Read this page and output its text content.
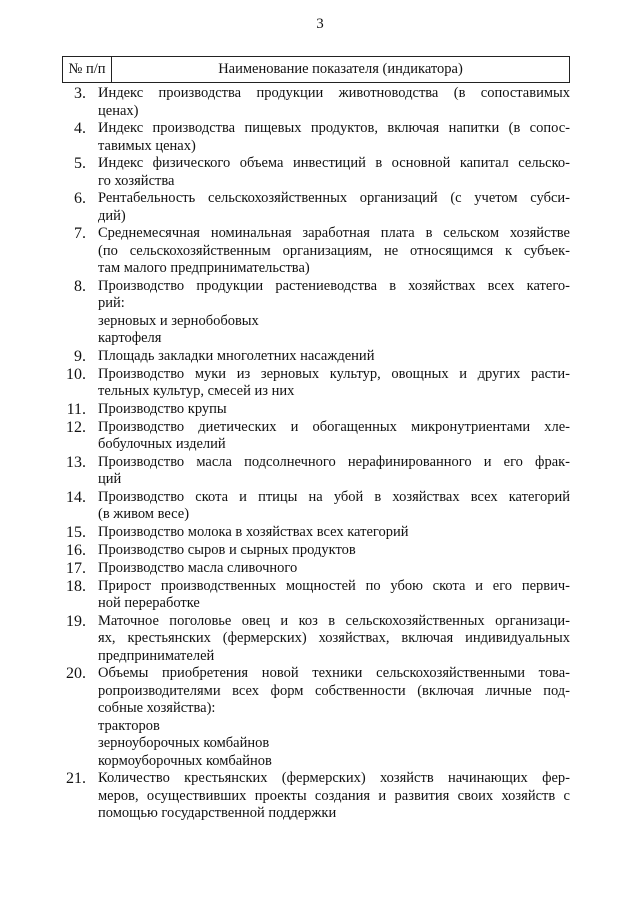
3
№ п/п	Наименование показателя (индикатора)
3. Индекс производства продукции животноводства (в сопоставимых
ценах)
4. Индекс производства пищевых продуктов, включая напитки (в сопос-
тавимых ценах)
5. Индекс физического объема инвестиций в основной капитал сельско-
го хозяйства
6. Рентабельность сельскохозяйственных организаций (с учетом субси-
дий)
7. Среднемесячная номинальная заработная плата в сельском хозяйстве
(по сельскохозяйственным организациям, не относящимся к субъек-
там малого предпринимательства)
8. Производство продукции растениеводства в хозяйствах всех катего-
рий:
зерновых и зернобобовых
картофеля
9. Площадь закладки многолетних насаждений
10. Производство муки из зерновых культур, овощных и других расти-
тельных культур, смесей из них
11. Производство крупы
12. Производство диетических и обогащенных микронутриентами хле-
бобулочных изделий
13. Производство масла подсолнечного нерафинированного и его фрак-
ций
14. Производство скота и птицы на убой в хозяйствах всех категорий
(в живом весе)
15. Производство молока в хозяйствах всех категорий
16. Производство сыров и сырных продуктов
17. Производство масла сливочного
18. Прирост производственных мощностей по убою скота и его первич-
ной переработке
19. Маточное поголовье овец и коз в сельскохозяйственных организаци-
ях, крестьянских (фермерских) хозяйствах, включая индивидуальных
предпринимателей
20. Объемы приобретения новой техники сельскохозяйственными това-
ропроизводителями всех форм собственности (включая личные под-
собные хозяйства):
тракторов
зерноуборочных комбайнов
кормоуборочных комбайнов
21. Количество крестьянских (фермерских) хозяйств начинающих фер-
меров, осуществивших проекты создания и развития своих хозяйств с
помощью государственной поддержки
